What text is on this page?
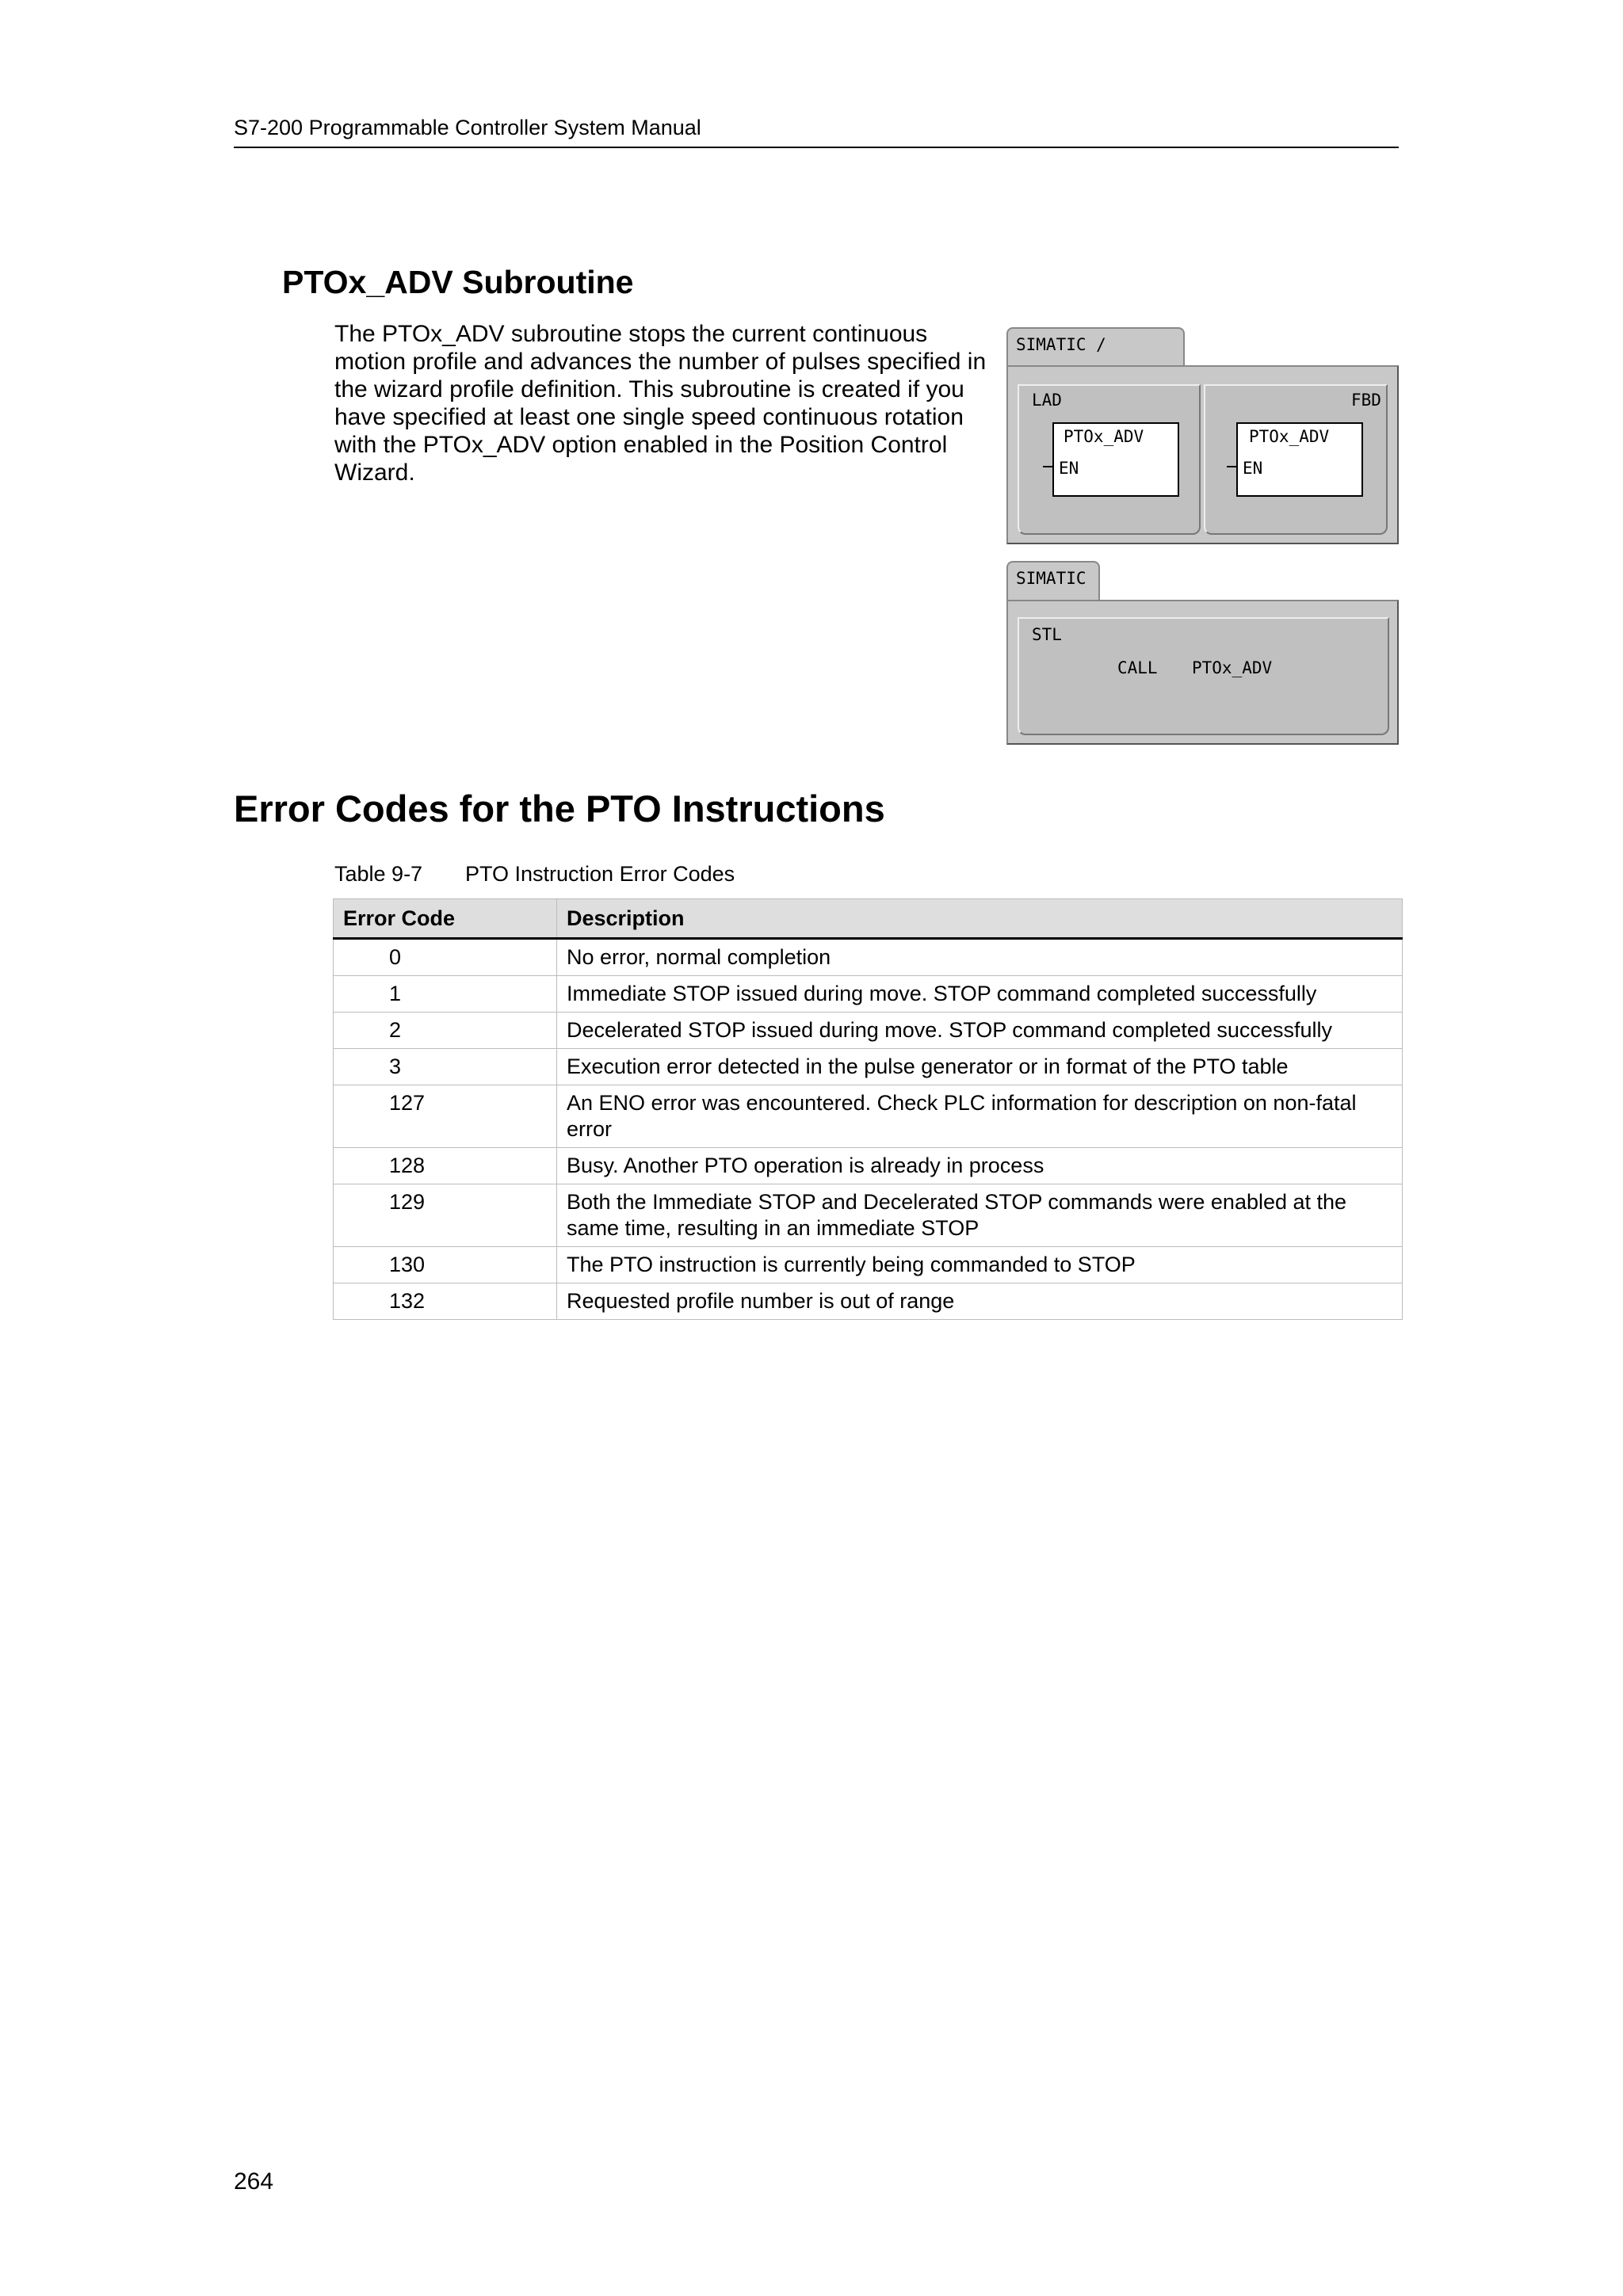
S7-200 Programmable Controller System Manual
PTOx_ADV Subroutine
The PTOx_ADV subroutine stops the current continuous motion profile and advances the number of pulses specified in the wizard profile definition. This subroutine is created if you have specified at least one single speed continuous rotation with the PTOx_ADV option enabled in the Position Control Wizard.
SIMATIC /
LAD	FBD
PTOx_ADV
EN
PTOx_ADV
EN
SIMATIC
STL
CALL PTOx_ADV
Error Codes for the PTO Instructions
Table 9-7 PTO Instruction Error Codes
Error Code	Description
0	No error, normal completion
1	Immediate STOP issued during move. STOP command completed successfully
2	Decelerated STOP issued during move. STOP command completed successfully
3	Execution error detected in the pulse generator or in format of the PTO table
127	An ENO error was encountered. Check PLC information for description on non-fatal error
128	Busy. Another PTO operation is already in process
129	Both the Immediate STOP and Decelerated STOP commands were enabled at the same time, resulting in an immediate STOP
130	The PTO instruction is currently being commanded to STOP
132	Requested profile number is out of range
264
